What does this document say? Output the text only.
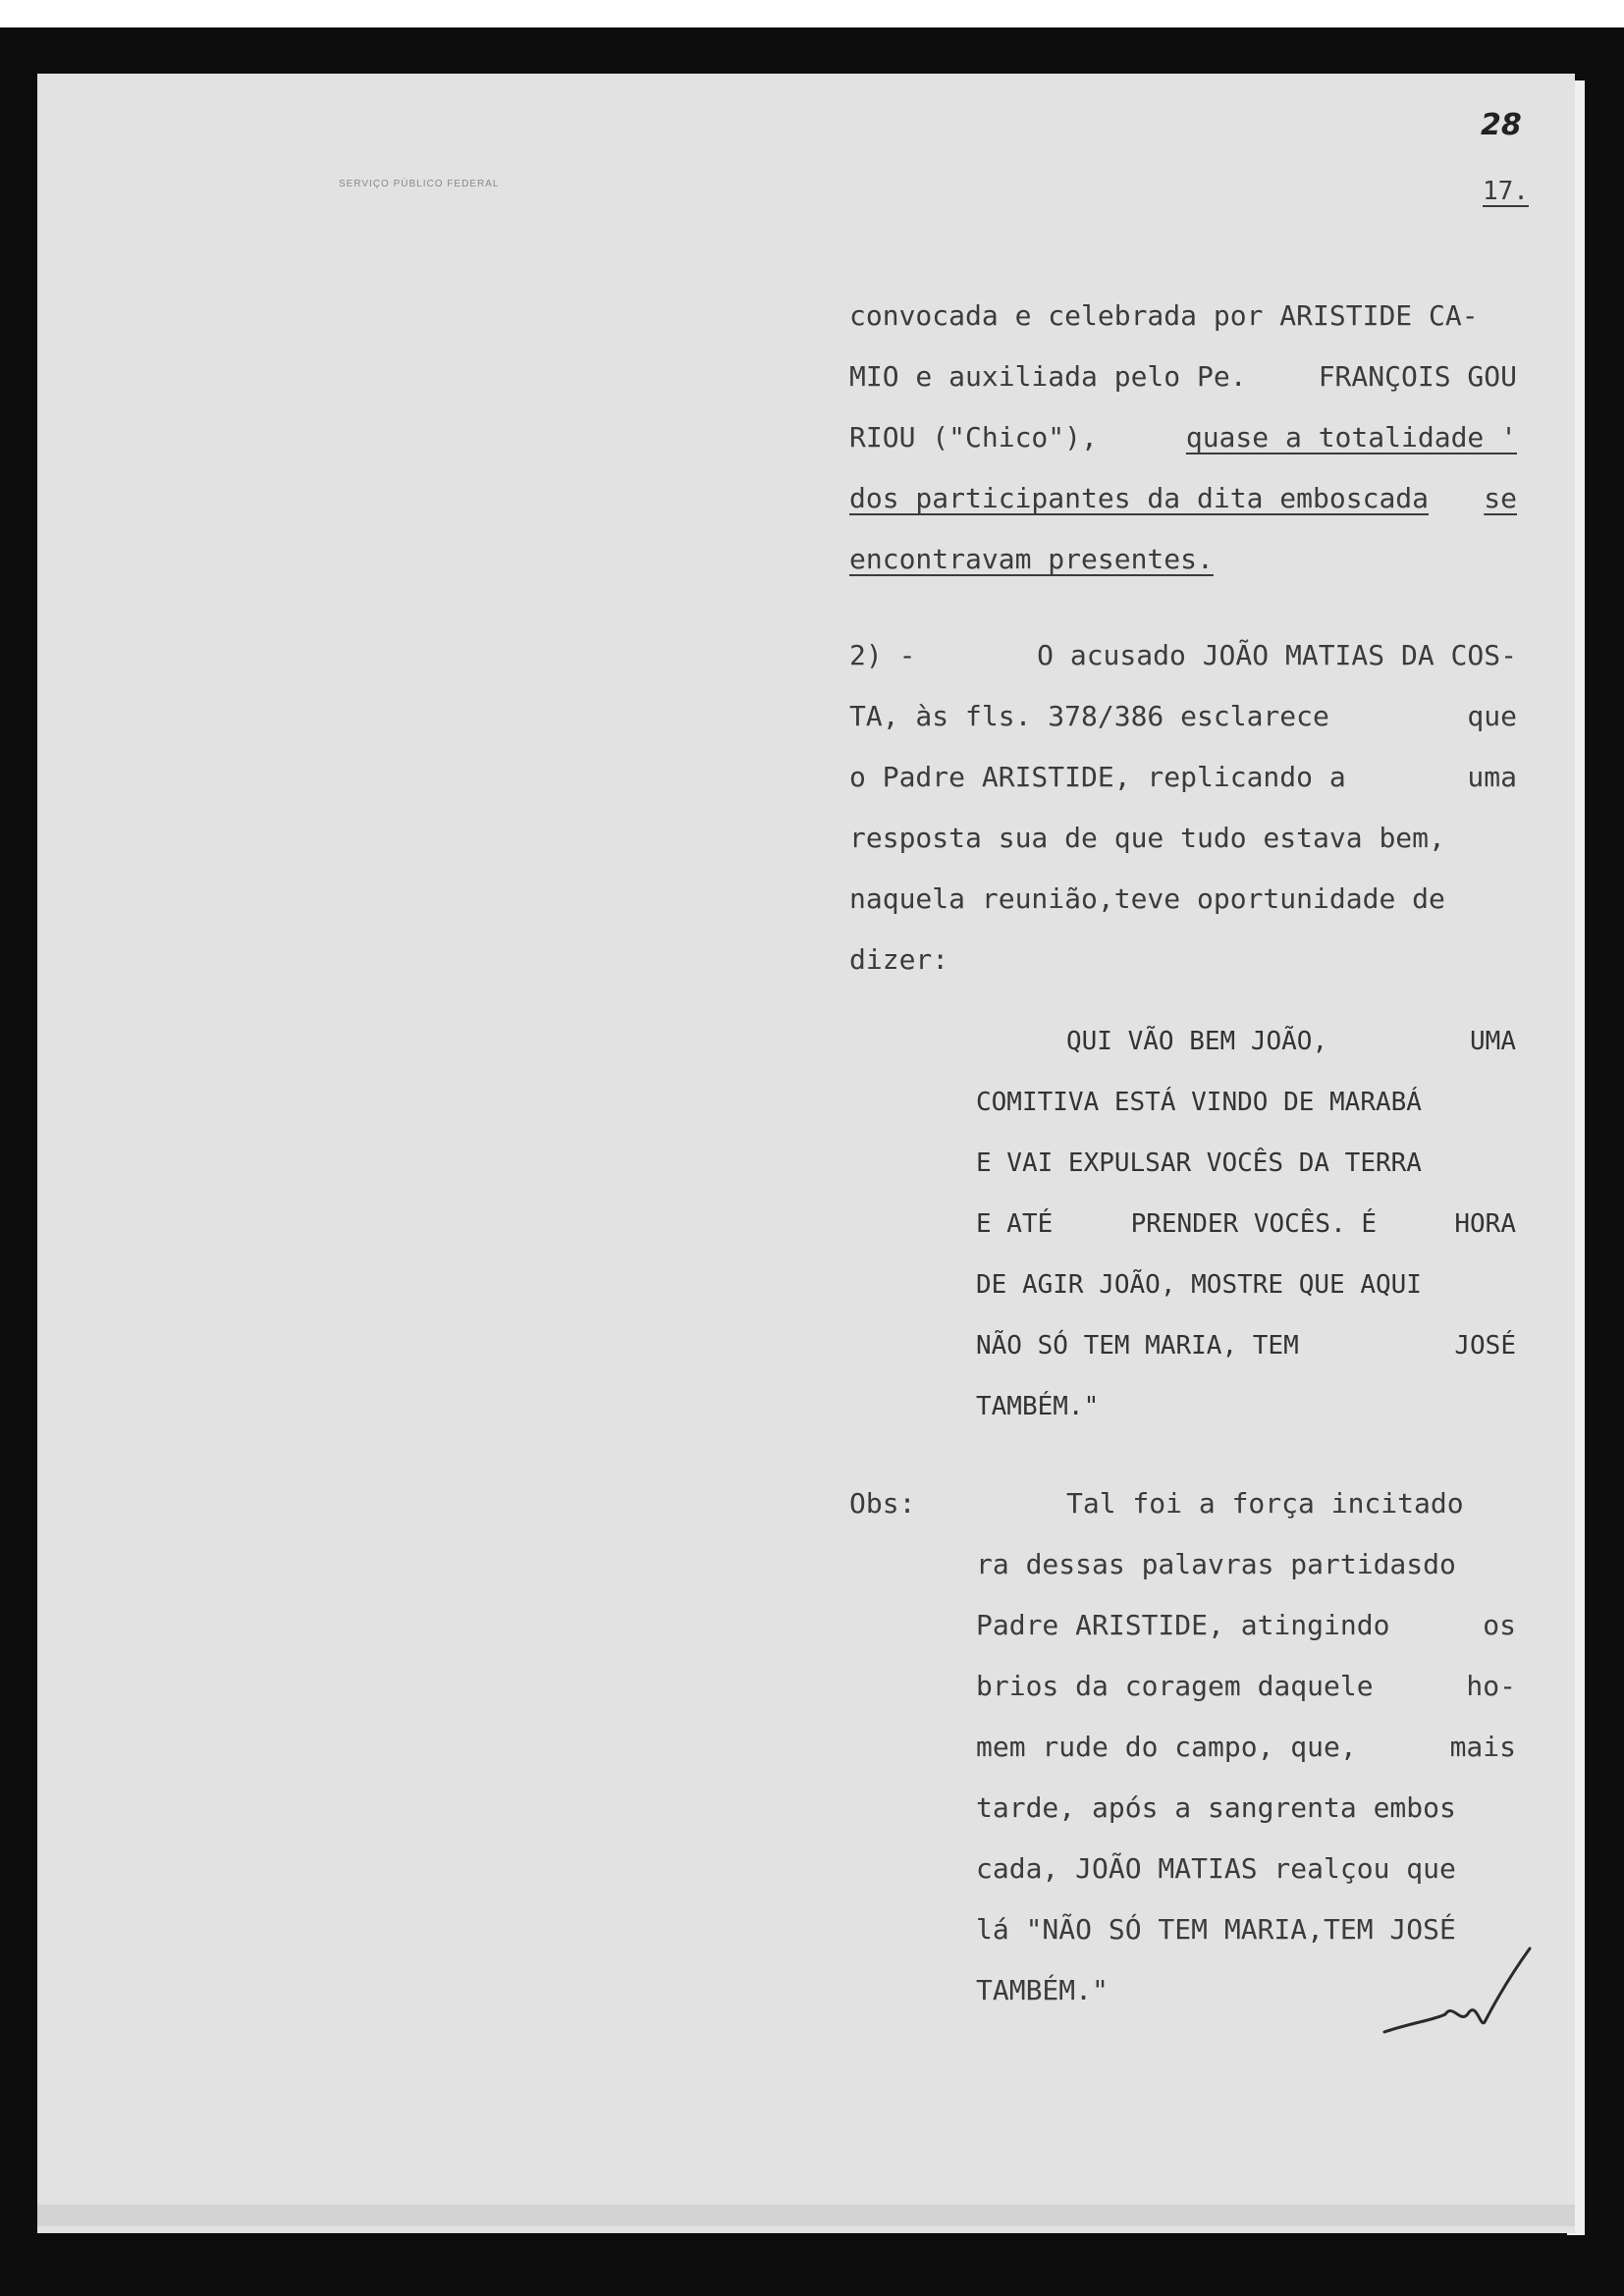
SERVIÇO PÚBLICO FEDERAL
28
17.
convocada e celebrada por ARISTIDE CA-
MIO e auxiliada pelo Pe.	FRANÇOIS GOU
RIOU ("Chico"),	quase a totalidade '
dos participantes da dita emboscada se
encontravam presentes.
2) -	O acusado JOÃO MATIAS DA COS-
TA, às fls. 378/386 esclarece	que
o Padre ARISTIDE, replicando a	uma
resposta sua de que tudo estava bem,
naquela reunião,teve oportunidade de
dizer:
QUI VÃO BEM JOÃO,	UMA
COMITIVA ESTÁ VINDO DE MARABÁ
E VAI EXPULSAR VOCÊS DA TERRA
E ATÉ	PRENDER VOCÊS. É	HORA
DE AGIR JOÃO, MOSTRE QUE AQUI
NÃO SÓ TEM MARIA, TEM	JOSÉ
TAMBÉM."
Obs:	Tal foi a força incitado
ra dessas palavras partidasdo
Padre ARISTIDE, atingindo	os
brios da coragem daquele	ho-
mem rude do campo, que,	mais
tarde, após a sangrenta embos
cada, JOÃO MATIAS realçou que
lá "NÃO SÓ TEM MARIA,TEM JOSÉ
TAMBÉM."
